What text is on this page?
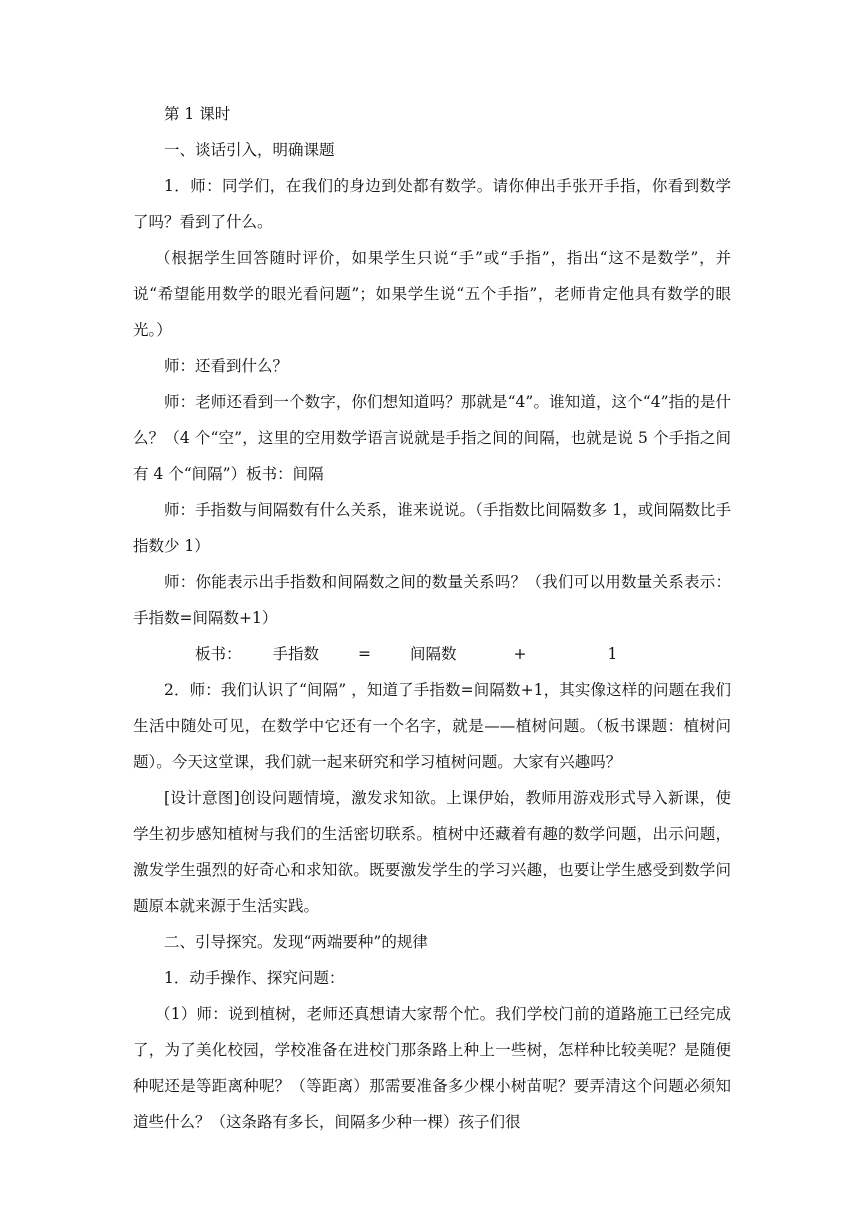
第 1 课时

一、谈话引入，明确课题

1．师：同学们，在我们的身边到处都有数学。请你伸出手张开手指，你看到数学了吗？看到了什么。

（根据学生回答随时评价，如果学生只说“手”或“手指”，指出“这不是数学”，并说“希望能用数学的眼光看问题”；如果学生说“五个手指”，老师肯定他具有数学的眼光。）

师：还看到什么？

师：老师还看到一个数字，你们想知道吗？那就是“4”。谁知道，这个“4”指的是什么？（4 个“空”，这里的空用数学语言说就是手指之间的间隔，也就是说 5 个手指之间有 4 个“间隔”）板书：间隔

师：手指数与间隔数有什么关系，谁来说说。（手指数比间隔数多 1，或间隔数比手指数少 1）

师：你能表示出手指数和间隔数之间的数量关系吗？（我们可以用数量关系表示：手指数=间隔数+1）

板书： 手指数	=	间隔数	+	1

2．师：我们认识了“间隔” ，知道了手指数=间隔数+1，其实像这样的问题在我们生活中随处可见，在数学中它还有一个名字，就是——植树问题。（板书课题：植树问题）。今天这堂课，我们就一起来研究和学习植树问题。大家有兴趣吗？

[设计意图]创设问题情境，激发求知欲。上课伊始，教师用游戏形式导入新课，使学生初步感知植树与我们的生活密切联系。植树中还藏着有趣的数学问题，出示问题，激发学生强烈的好奇心和求知欲。既要激发学生的学习兴趣，也要让学生感受到数学问题原本就来源于生活实践。

二、引导探究。发现“两端要种”的规律

1．动手操作、探究问题：

（1）师：说到植树，老师还真想请大家帮个忙。我们学校门前的道路施工已经完成了，为了美化校园，学校准备在进校门那条路上种上一些树，怎样种比较美呢？是随便种呢还是等距离种呢？（等距离）那需要准备多少棵小树苗呢？要弄清这个问题必须知道些什么？（这条路有多长，间隔多少种一棵）孩子们很
